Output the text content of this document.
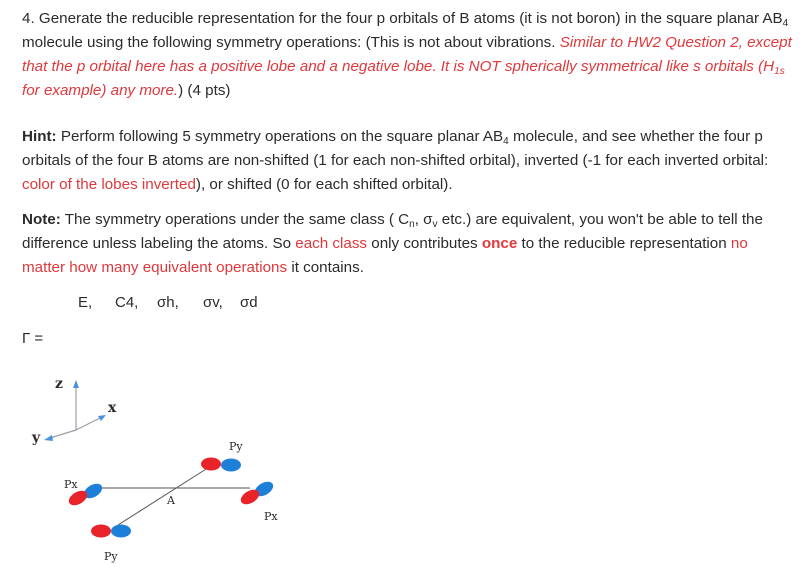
4. Generate the reducible representation for the four p orbitals of B atoms (it is not boron) in the square planar $AB_4$ molecule using the following symmetry operations: (This is not about vibrations. Similar to HW2 Question 2, except that the p orbital here has a positive lobe and a negative lobe. It is NOT spherically symmetrical like s orbitals ($H_{1s}$ for example) any more.) (4 pts)
Hint: Perform following 5 symmetry operations on the square planar $AB_4$ molecule, and see whether the four p orbitals of the four B atoms are non-shifted (1 for each non-shifted orbital), inverted (-1 for each inverted orbital: color of the lobes inverted), or shifted (0 for each shifted orbital).
Note: The symmetry operations under the same class ( $C_n$, $\sigma_v$ etc.) are equivalent, you won't be able to tell the difference unless labeling the atoms. So each class only contributes once to the reducible representation no matter how many equivalent operations it contains.
E, C4, σh, σv, σd
Γ =
z
x
y
Px
Py
A
Px
Py
